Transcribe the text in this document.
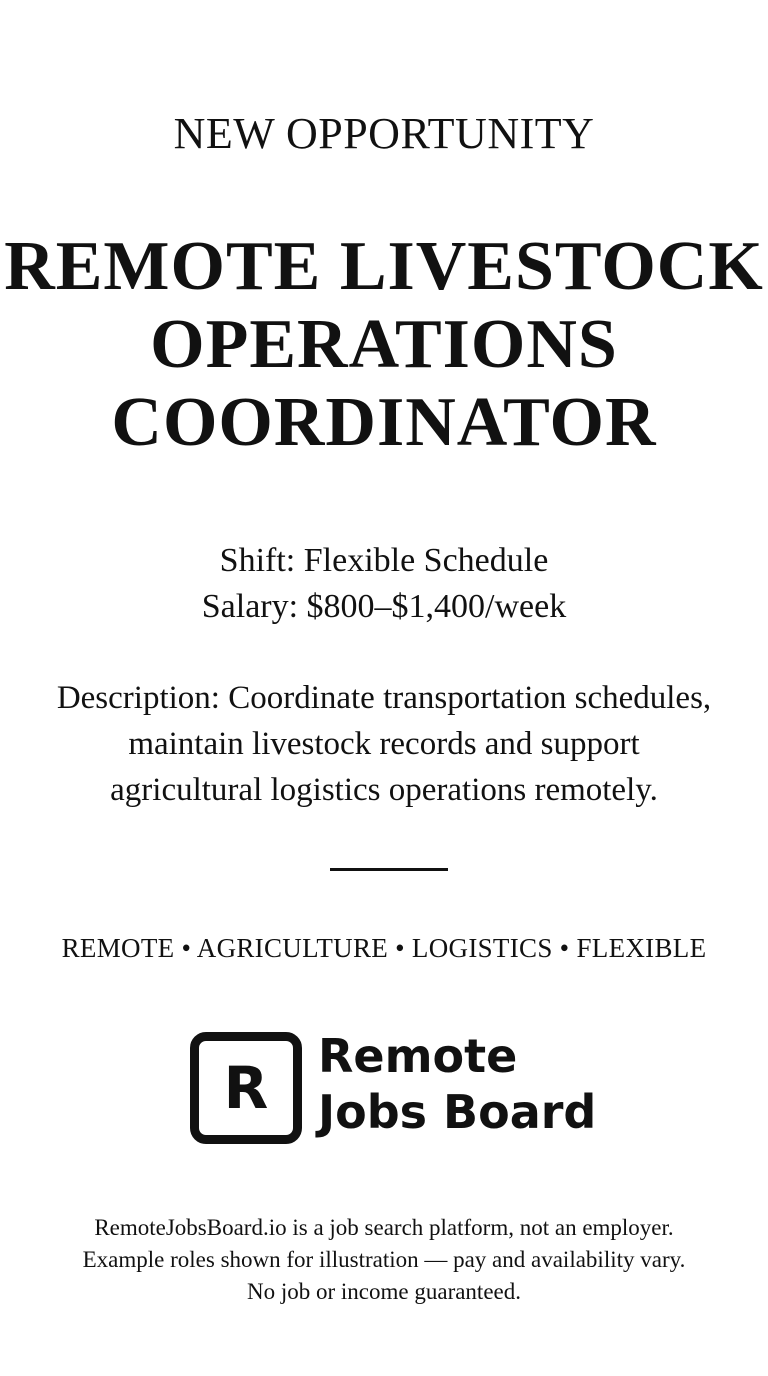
NEW OPPORTUNITY
REMOTE LIVESTOCK
OPERATIONS
COORDINATOR
Shift: Flexible Schedule
Salary: $800–$1,400/week
Description: Coordinate transportation schedules,
maintain livestock records and support
agricultural logistics operations remotely.
REMOTE • AGRICULTURE • LOGISTICS • FLEXIBLE
R	Remote
Jobs Board
RemoteJobsBoard.io is a job search platform, not an employer.
Example roles shown for illustration — pay and availability vary.
No job or income guaranteed.
